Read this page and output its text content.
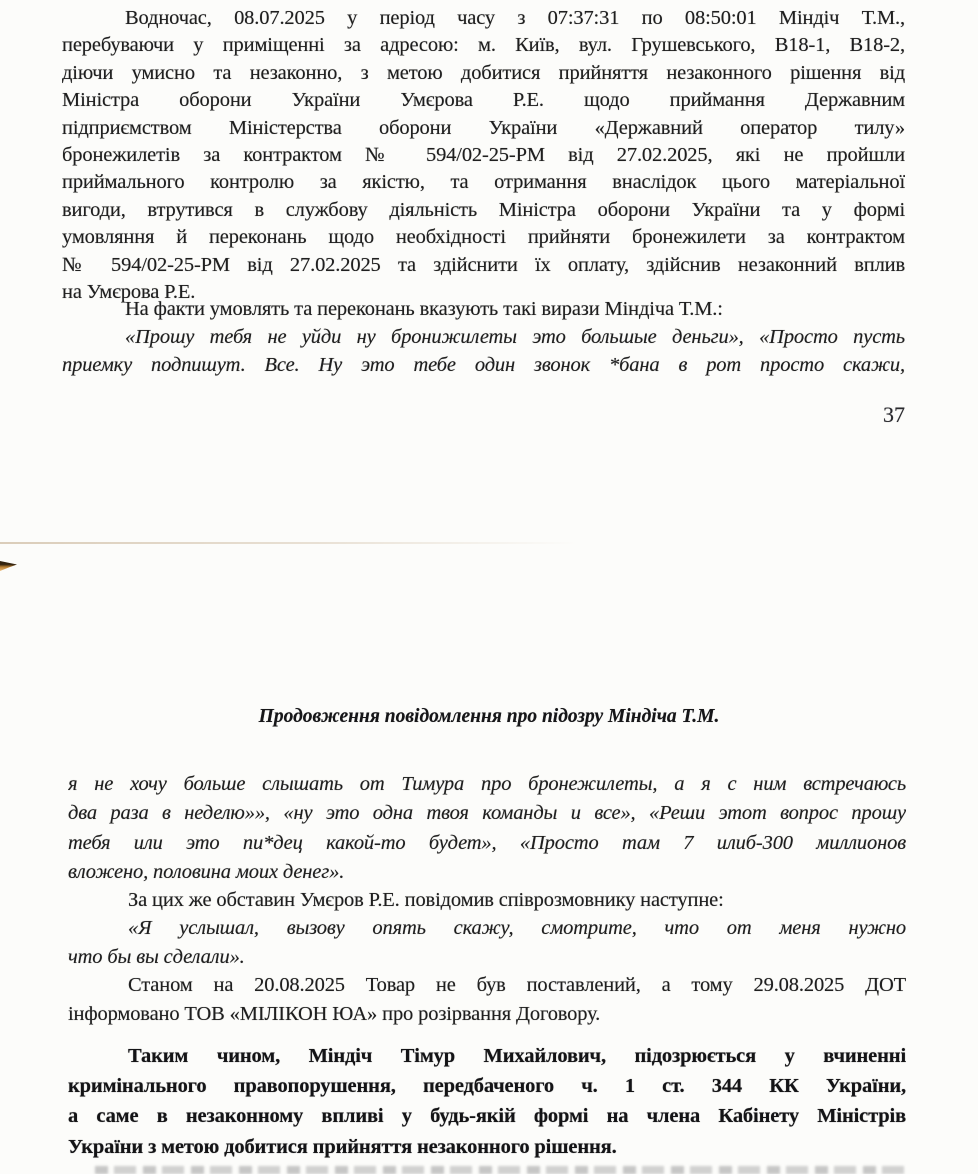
Водночас, 08.07.2025 у період часу з 07:37:31 по 08:50:01 Міндіч Т.М.,
перебуваючи у приміщенні за адресою: м. Київ, вул. Грушевського, В18-1, В18-2,
діючи умисно та незаконно, з метою добитися прийняття незаконного рішення від
Міністра оборони України Умєрова Р.Е. щодо приймання Державним
підприємством Міністерства оборони України «Державний оператор тилу»
бронежилетів за контрактом № 594/02-25-РМ від 27.02.2025, які не пройшли
приймального контролю за якістю, та отримання внаслідок цього матеріальної
вигоди, втрутився в службову діяльність Міністра оборони України та у формі
умовляння й переконань щодо необхідності прийняти бронежилети за контрактом
№ 594/02-25-РМ від 27.02.2025 та здійснити їх оплату, здійснив незаконний вплив
на Умєрова Р.Е.
На факти умовлять та переконань вказують такі вирази Міндіча Т.М.:
«Прошу тебя не уйди ну бронижилеты это большые деньги», «Просто пусть
приемку подпишут. Все. Ну это тебе один звонок *бана в рот просто скажи,
37
Продовження повідомлення про підозру Міндіча Т.М.
я не хочу больше слышать от Тимура про бронежилеты, а я с ним встречаюсь
два раза в неделю»», «ну это одна твоя команды и все», «Реши этот вопрос прошу
тебя или это пи*дец какой-то будет», «Просто там 7 илиб-300 миллионов
вложено, половина моих денег».
За цих же обставин Умєров Р.Е. повідомив співрозмовнику наступне:
«Я услышал, вызову опять скажу, смотрите, что от меня нужно
что бы вы сделали».
Станом на 20.08.2025 Товар не був поставлений, а тому 29.08.2025 ДОТ
інформовано ТОВ «МІЛІКОН ЮА» про розірвання Договору.
Таким чином, Міндіч Тімур Михайлович, підозрюється у вчиненні
кримінального правопорушення, передбаченого ч. 1 ст. 344 КК України,
а саме в незаконному впливі у будь-якій формі на члена Кабінету Міністрів
України з метою добитися прийняття незаконного рішення.
